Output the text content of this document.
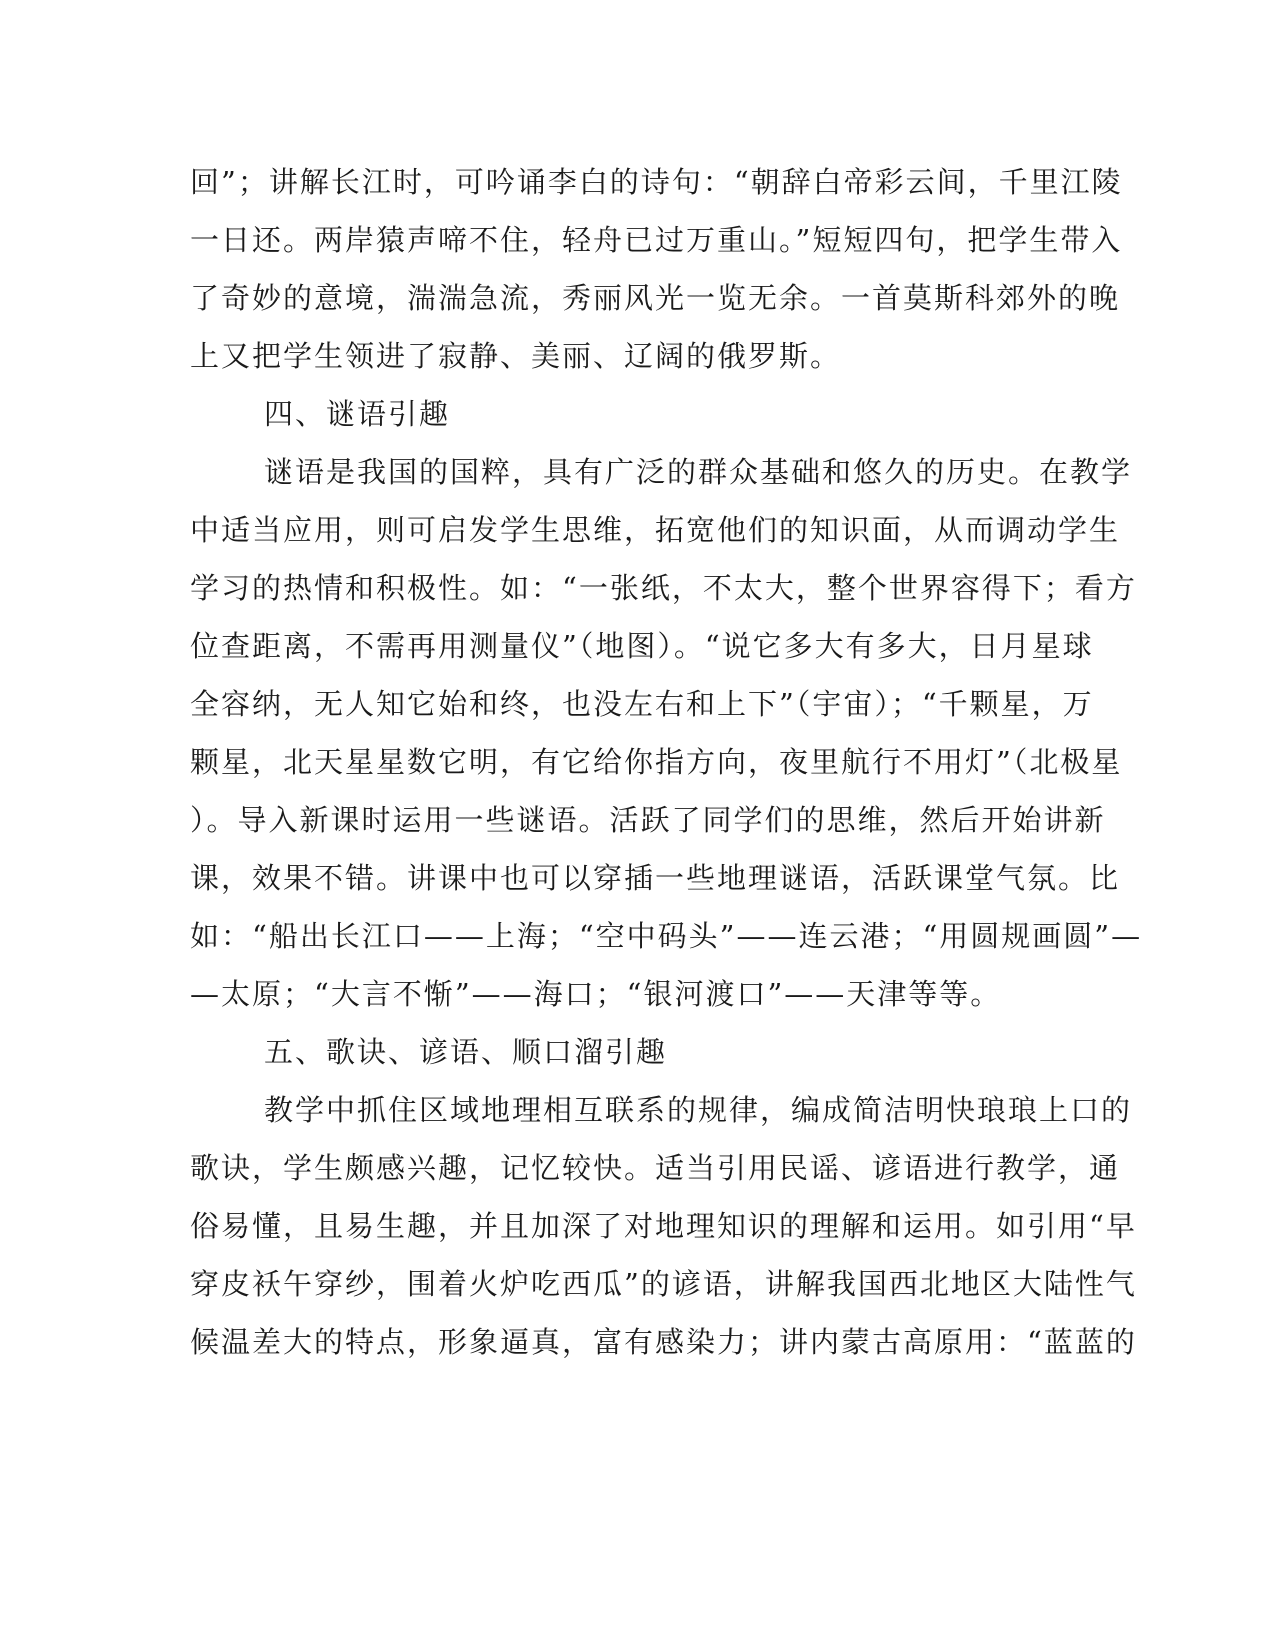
回”；讲解长江时，可吟诵李白的诗句：“朝辞白帝彩云间，千里江陵
一日还。两岸猿声啼不住，轻舟已过万重山。”短短四句，把学生带入
了奇妙的意境，湍湍急流，秀丽风光一览无余。一首莫斯科郊外的晚
上又把学生领进了寂静、美丽、辽阔的俄罗斯。
四、谜语引趣
谜语是我国的国粹，具有广泛的群众基础和悠久的历史。在教学
中适当应用，则可启发学生思维，拓宽他们的知识面，从而调动学生
学习的热情和积极性。如：“一张纸，不太大，整个世界容得下；看方
位查距离，不需再用测量仪”（地图）。“说它多大有多大，日月星球
全容纳，无人知它始和终，也没左右和上下”（宇宙）；“千颗星，万
颗星，北天星星数它明，有它给你指方向，夜里航行不用灯”（北极星
）。导入新课时运用一些谜语。活跃了同学们的思维，然后开始讲新
课，效果不错。讲课中也可以穿插一些地理谜语，活跃课堂气氛。比
如：“船出长江口——上海；“空中码头”——连云港；“用圆规画圆”—
—太原；“大言不惭”——海口；“银河渡口”——天津等等。
五、歌诀、谚语、顺口溜引趣
教学中抓住区域地理相互联系的规律，编成简洁明快琅琅上口的
歌诀，学生颇感兴趣，记忆较快。适当引用民谣、谚语进行教学，通
俗易懂，且易生趣，并且加深了对地理知识的理解和运用。如引用“早
穿皮袄午穿纱，围着火炉吃西瓜”的谚语，讲解我国西北地区大陆性气
候温差大的特点，形象逼真，富有感染力；讲内蒙古高原用：“蓝蓝的
